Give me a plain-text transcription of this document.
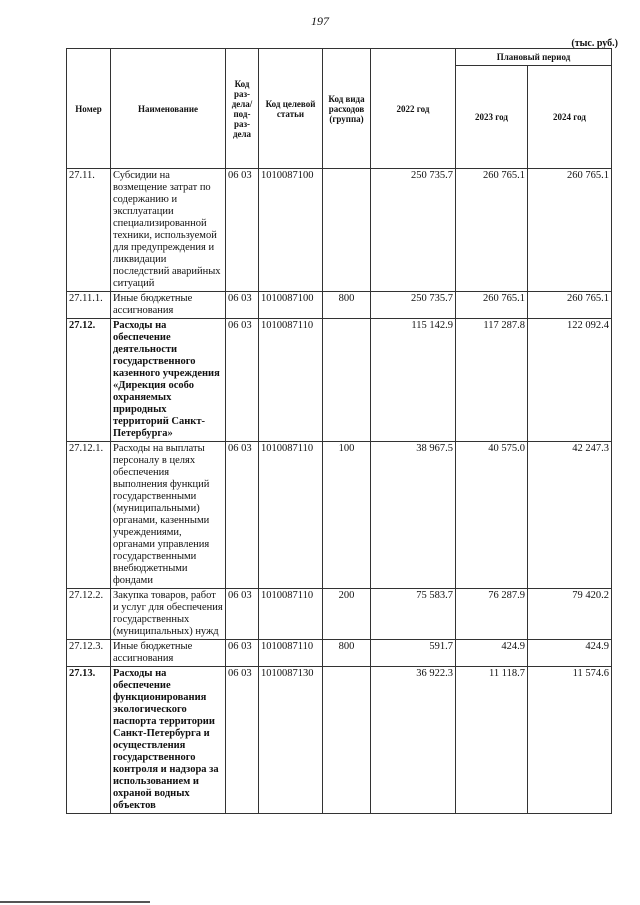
197
(тыс. руб.)
Номер	Наименование	Код раз-дела/ под-раз-дела	Код целевой статьи	Код вида расходов (группа)	2022 год	Плановый период	
						2023 год	2024 год
27.11.	Субсидии на возмещение затрат по содержанию и эксплуатации специализированной техники, используемой для предупреждения и ликвидации последствий аварийных ситуаций	06 03	1010087100		250 735.7	260 765.1	260 765.1
27.11.1.	Иные бюджетные ассигнования	06 03	1010087100	800	250 735.7	260 765.1	260 765.1
27.12.	Расходы на обеспечение деятельности государственного казенного учреждения «Дирекция особо охраняемых природных территорий Санкт-Петербурга»	06 03	1010087110		115 142.9	117 287.8	122 092.4
27.12.1.	Расходы на выплаты персоналу в целях обеспечения выполнения функций государственными (муниципальными) органами, казенными учреждениями, органами управления государственными внебюджетными фондами	06 03	1010087110	100	38 967.5	40 575.0	42 247.3
27.12.2.	Закупка товаров, работ и услуг для обеспечения государственных (муниципальных) нужд	06 03	1010087110	200	75 583.7	76 287.9	79 420.2
27.12.3.	Иные бюджетные ассигнования	06 03	1010087110	800	591.7	424.9	424.9
27.13.	Расходы на обеспечение функционирования экологического паспорта территории Санкт-Петербурга и осуществления государственного контроля и надзора за использованием и охраной водных объектов	06 03	1010087130		36 922.3	11 118.7	11 574.6
